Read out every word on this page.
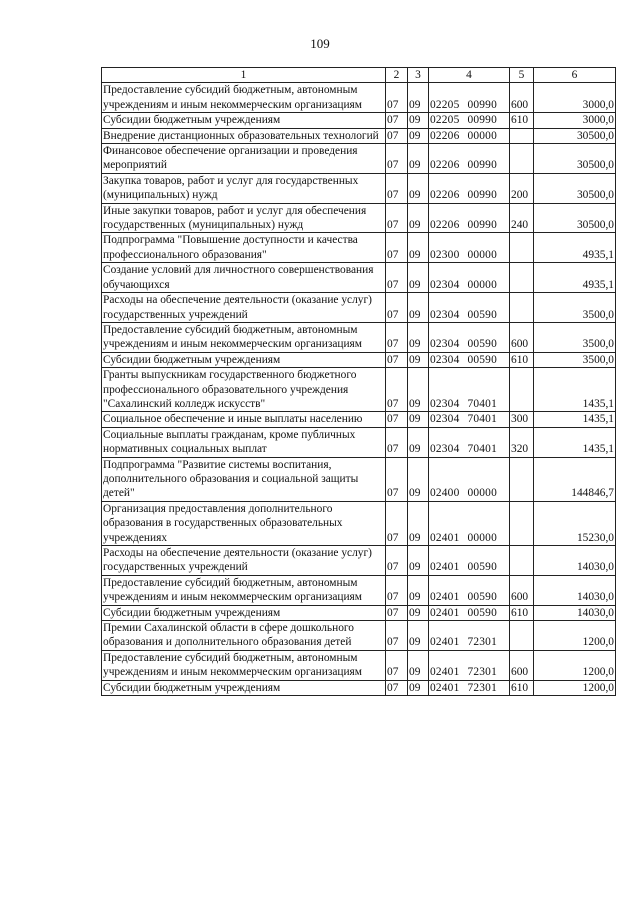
109
1	2	3	4	5	6
Предоставление субсидий бюджетным, автономным учреждениям и иным некоммерческим организациям	07	09	02205 00990	600	3000,0
Субсидии бюджетным учреждениям	07	09	02205 00990	610	3000,0
Внедрение дистанционных образовательных технологий	07	09	02206 00000		30500,0
Финансовое обеспечение организации и проведения мероприятий	07	09	02206 00990		30500,0
Закупка товаров, работ и услуг для государственных (муниципальных) нужд	07	09	02206 00990	200	30500,0
Иные закупки товаров, работ и услуг для обеспечения государственных (муниципальных) нужд	07	09	02206 00990	240	30500,0
Подпрограмма "Повышение доступности и качества профессионального образования"	07	09	02300 00000		4935,1
Создание условий для личностного совершенствования обучающихся	07	09	02304 00000		4935,1
Расходы на обеспечение деятельности (оказание услуг) государственных учреждений	07	09	02304 00590		3500,0
Предоставление субсидий бюджетным, автономным учреждениям и иным некоммерческим организациям	07	09	02304 00590	600	3500,0
Субсидии бюджетным учреждениям	07	09	02304 00590	610	3500,0
Гранты выпускникам государственного бюджетного профессионального образовательного учреждения "Сахалинский колледж искусств"	07	09	02304 70401		1435,1
Социальное обеспечение и иные выплаты населению	07	09	02304 70401	300	1435,1
Социальные выплаты гражданам, кроме публичных нормативных социальных выплат	07	09	02304 70401	320	1435,1
Подпрограмма "Развитие системы воспитания, дополнительного образования и социальной защиты детей"	07	09	02400 00000		144846,7
Организация предоставления дополнительного образования в государственных образовательных учреждениях	07	09	02401 00000		15230,0
Расходы на обеспечение деятельности (оказание услуг) государственных учреждений	07	09	02401 00590		14030,0
Предоставление субсидий бюджетным, автономным учреждениям и иным некоммерческим организациям	07	09	02401 00590	600	14030,0
Субсидии бюджетным учреждениям	07	09	02401 00590	610	14030,0
Премии Сахалинской области в сфере дошкольного образования и дополнительного образования детей	07	09	02401 72301		1200,0
Предоставление субсидий бюджетным, автономным учреждениям и иным некоммерческим организациям	07	09	02401 72301	600	1200,0
Субсидии бюджетным учреждениям	07	09	02401 72301	610	1200,0
